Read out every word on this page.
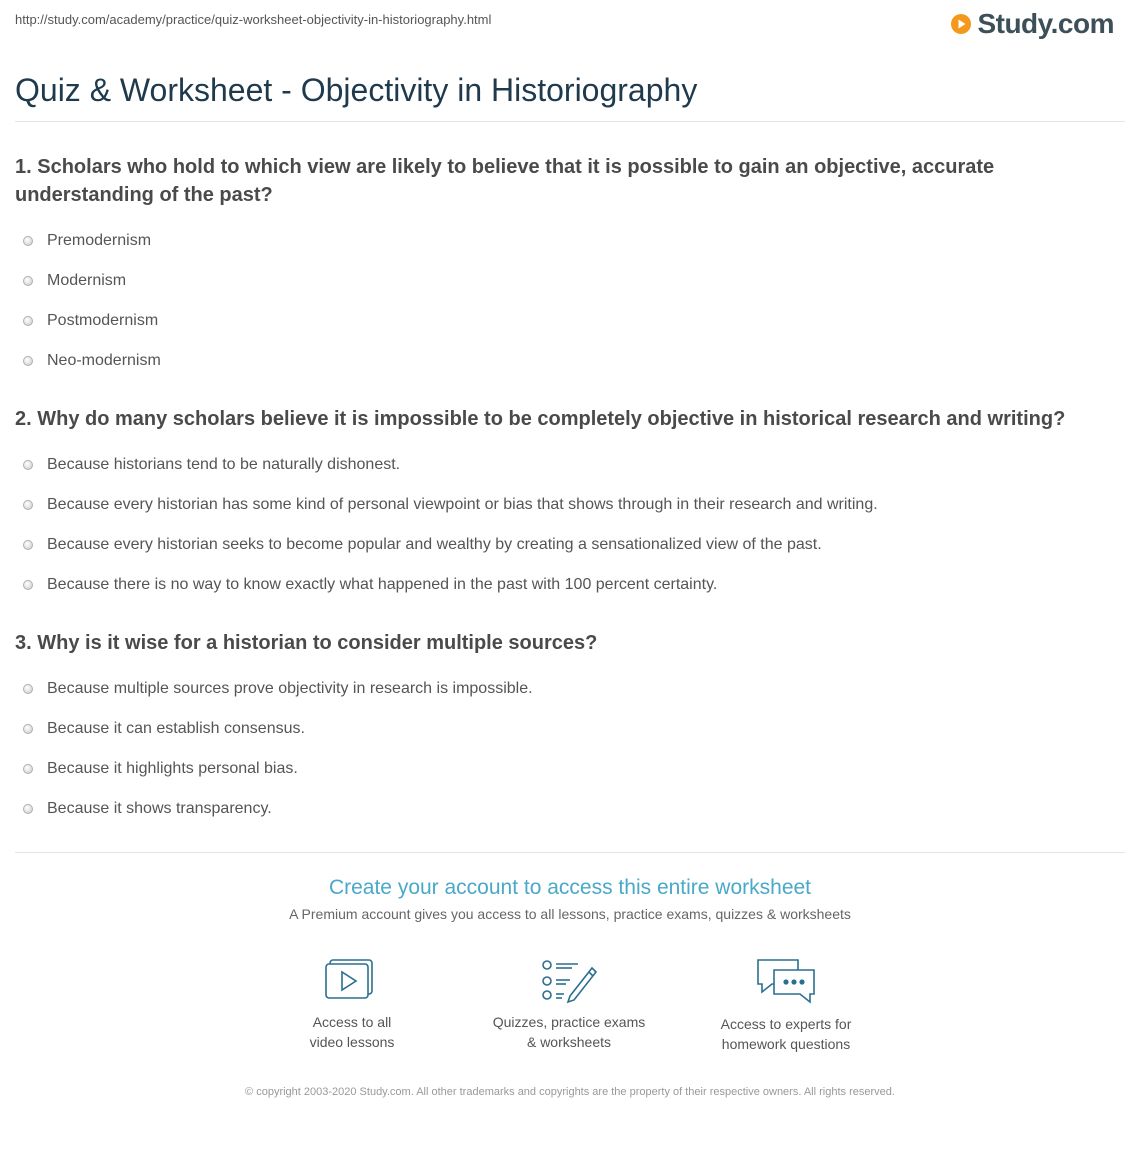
http://study.com/academy/practice/quiz-worksheet-objectivity-in-historiography.html	Study.com
Quiz & Worksheet - Objectivity in Historiography

1. Scholars who hold to which view are likely to believe that it is possible to gain an objective, accurate understanding of the past?

Premodernism
Modernism
Postmodernism
Neo-modernism

2. Why do many scholars believe it is impossible to be completely objective in historical research and writing?

Because historians tend to be naturally dishonest.
Because every historian has some kind of personal viewpoint or bias that shows through in their research and writing.
Because every historian seeks to become popular and wealthy by creating a sensationalized view of the past.
Because there is no way to know exactly what happened in the past with 100 percent certainty.

3. Why is it wise for a historian to consider multiple sources?

Because multiple sources prove objectivity in research is impossible.
Because it can establish consensus.
Because it highlights personal bias.
Because it shows transparency.

Create your account to access this entire worksheet

A Premium account gives you access to all lessons, practice exams, quizzes & worksheets

Access to all
video lessons
Quizzes, practice exams
& worksheets
Access to experts for
homework questions
© copyright 2003-2020 Study.com. All other trademarks and copyrights are the property of their respective owners. All rights reserved.
